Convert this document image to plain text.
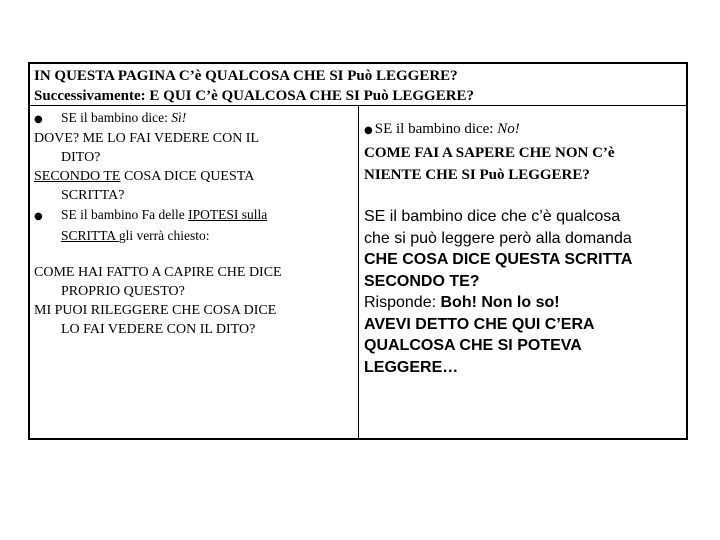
IN QUESTA PAGINA C’è QUALCOSA CHE SI Può LEGGERE?
Successivamente: E QUI C’è QUALCOSA CHE SI Può LEGGERE?
●	SE il bambino dice: Sì!
DOVE? ME LO FAI VEDERE CON IL
DITO?
SECONDO TE COSA DICE QUESTA
SCRITTA?
●	SE il bambino Fa delle IPOTESI sulla
SCRITTA gli verrà chiesto:
COME HAI FATTO A CAPIRE CHE DICE
PROPRIO QUESTO?
MI PUOI RILEGGERE CHE COSA DICE
LO FAI VEDERE CON IL DITO?
● SE il bambino dice: No!
COME FAI A SAPERE CHE NON C’è
NIENTE CHE SI Può LEGGERE?
SE il bambino dice che c’è qualcosa
che si può leggere però alla domanda
CHE COSA DICE QUESTA SCRITTA
SECONDO TE?
Risponde: Boh! Non lo so!
AVEVI DETTO CHE QUI C’ERA
QUALCOSA CHE SI POTEVA
LEGGERE…
